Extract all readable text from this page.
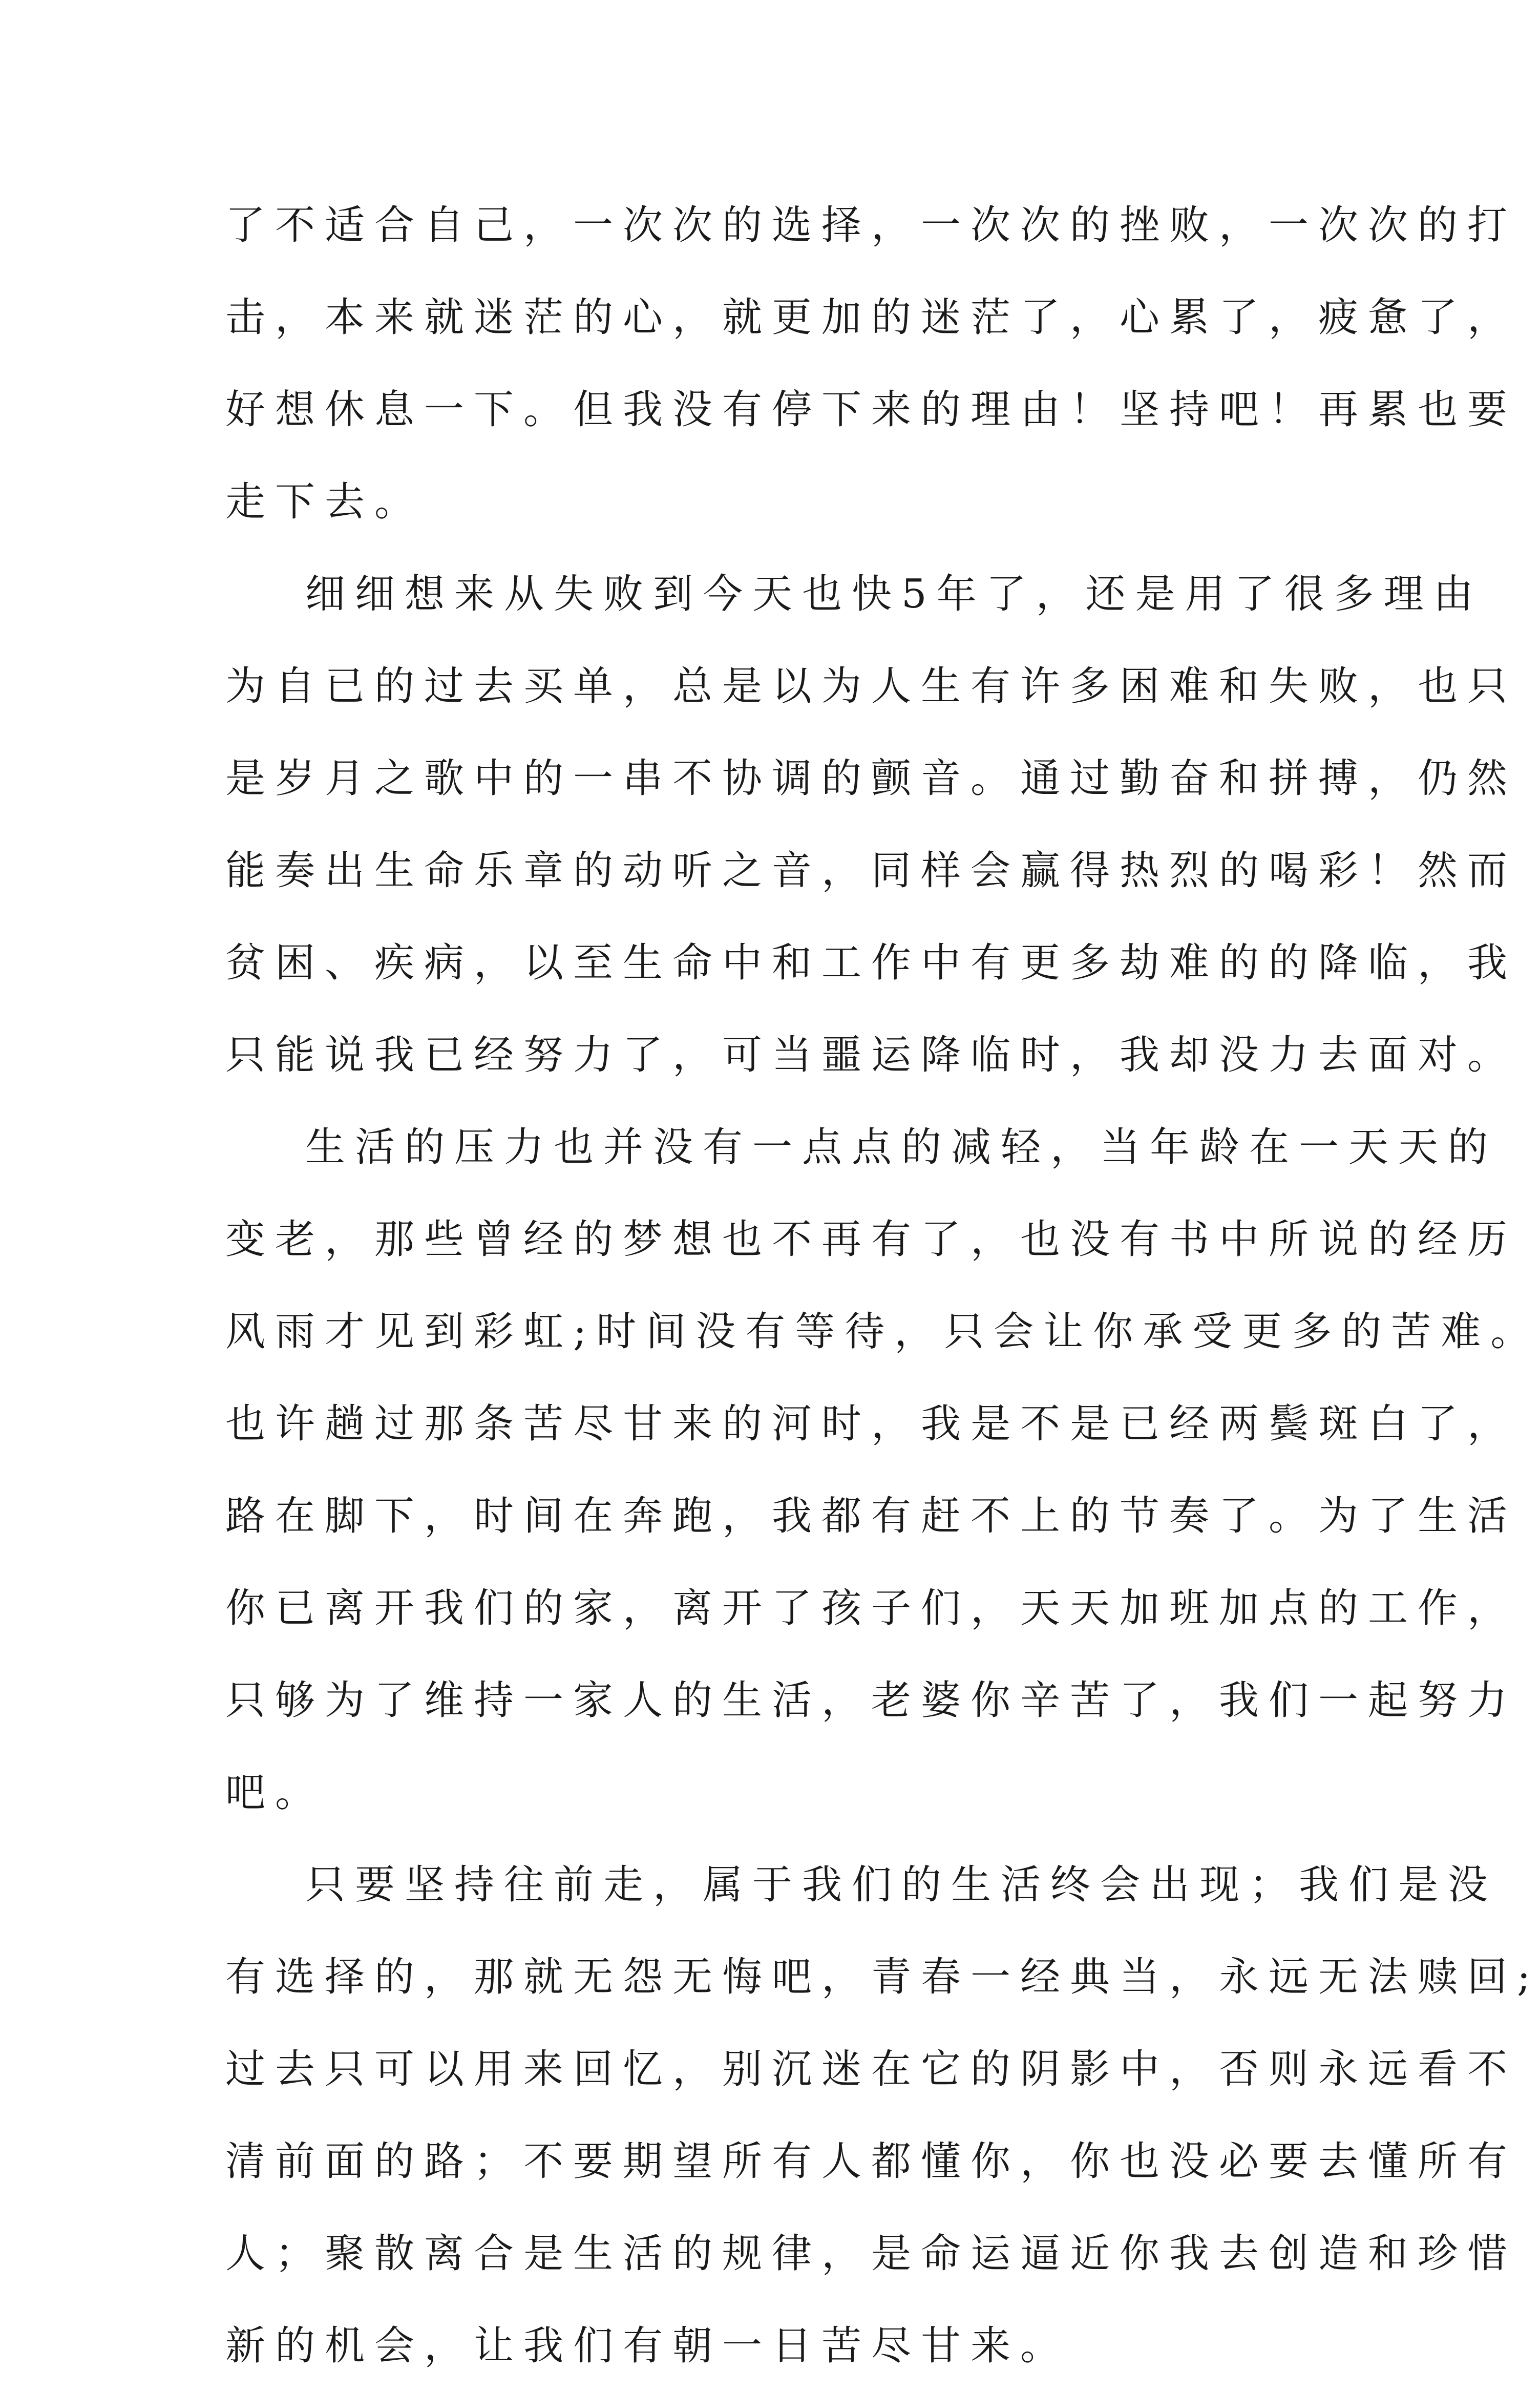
了不适合自己，一次次的选择，一次次的挫败，一次次的打
击，本来就迷茫的心，就更加的迷茫了，心累了，疲惫了，
好想休息一下。但我没有停下来的理由！坚持吧！再累也要
走下去。
细细想来从失败到今天也快5年了，还是用了很多理由
为自已的过去买单，总是以为人生有许多困难和失败，也只
是岁月之歌中的一串不协调的颤音。通过勤奋和拼搏，仍然
能奏出生命乐章的动听之音，同样会赢得热烈的喝彩！然而
贫困、疾病，以至生命中和工作中有更多劫难的的降临，我
只能说我已经努力了，可当噩运降临时，我却没力去面对。
生活的压力也并没有一点点的减轻，当年龄在一天天的
变老，那些曾经的梦想也不再有了，也没有书中所说的经历
风雨才见到彩虹;时间没有等待，只会让你承受更多的苦难。
也许趟过那条苦尽甘来的河时，我是不是已经两鬓斑白了，
路在脚下，时间在奔跑，我都有赶不上的节奏了。为了生活
你已离开我们的家，离开了孩子们，天天加班加点的工作，
只够为了维持一家人的生活，老婆你辛苦了，我们一起努力
吧。
只要坚持往前走，属于我们的生活终会出现；我们是没
有选择的，那就无怨无悔吧，青春一经典当，永远无法赎回;
过去只可以用来回忆，别沉迷在它的阴影中，否则永远看不
清前面的路；不要期望所有人都懂你，你也没必要去懂所有
人；聚散离合是生活的规律，是命运逼近你我去创造和珍惜
新的机会，让我们有朝一日苦尽甘来。
